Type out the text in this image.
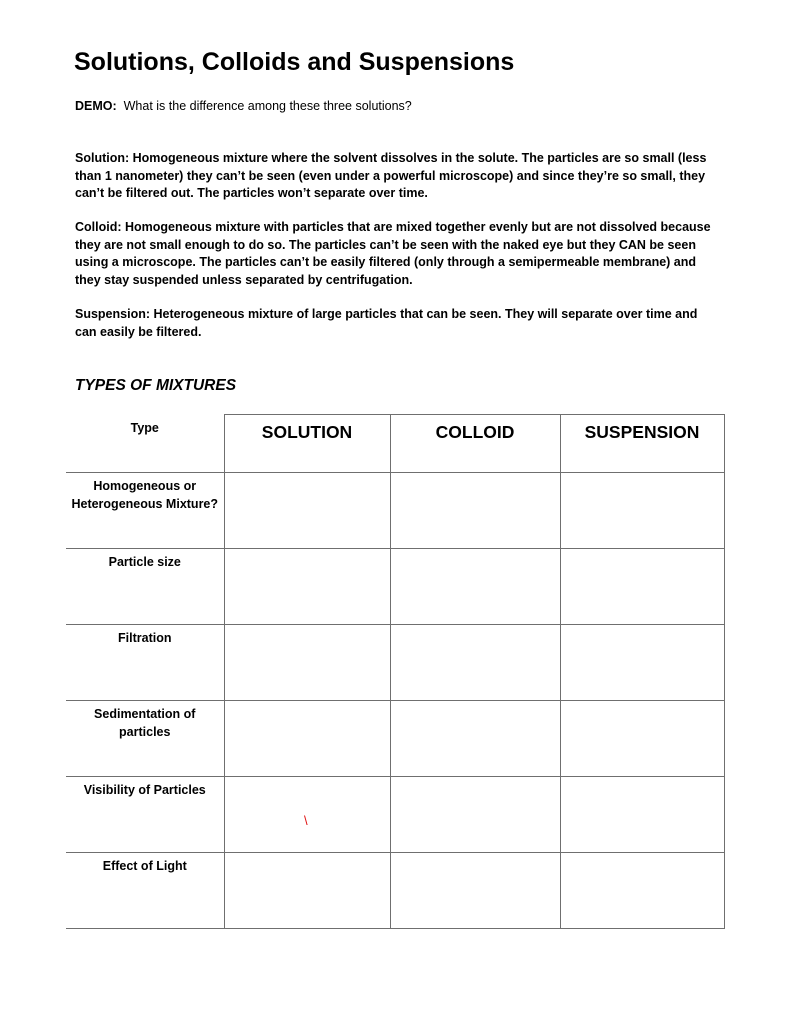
Solutions, Colloids and Suspensions
DEMO: What is the difference among these three solutions?

Solution: Homogeneous mixture where the solvent dissolves in the solute. The particles are so small (less than 1 nanometer) they can’t be seen (even under a powerful microscope) and since they’re so small, they can’t be filtered out. The particles won’t separate over time.

Colloid: Homogeneous mixture with particles that are mixed together evenly but are not dissolved because they are not small enough to do so. The particles can’t be seen with the naked eye but they CAN be seen using a microscope. The particles can’t be easily filtered (only through a semipermeable membrane) and they stay suspended unless separated by centrifugation.

Suspension: Heterogeneous mixture of large particles that can be seen. They will separate over time and can easily be filtered.

TYPES OF MIXTURES
Type	SOLUTION	COLLOID	SUSPENSION

Homogeneous or Heterogeneous Mixture?			

Particle size			

Filtration			

Sedimentation of particles			

Visibility of Particles			

Effect of Light			

\
